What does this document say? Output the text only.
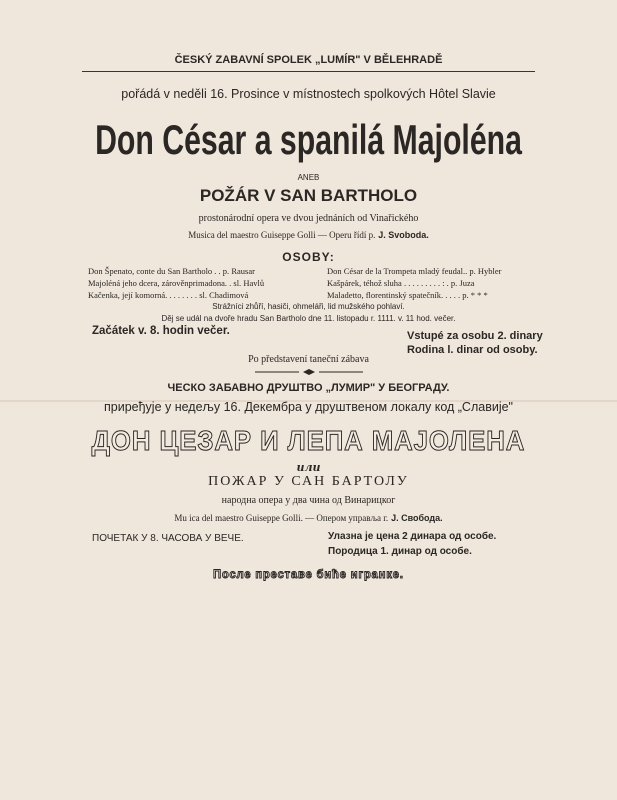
ČESKÝ ZABAVNÍ SPOLEK „LUMÍR" V BĚLEHRADĚ
pořádá v neděli 16. Prosince v místnostech spolkových Hôtel Slavie
Don César a spanilá Majoléna
ANEB
POŽÁR V SAN BARTHOLO
prostonárodní opera ve dvou jednáních od Vinařického
Musica del maestro Guiseppe Golli — Operu řídí p. J. Svoboda.
OSOBY:
Don Špenato, conte du San Bartholo . . p. Rausar
Majoléná jeho dcera, zárověnprimadona. . sl. Havlů
Kačenka, její komorná. . . . . . . . sl. Chadimová
Don César de la Trompeta mladý feudal.. p. Hybler
Kašpárek, téhož sluha . . . . . . . . . : . p. Juza
Maladetto, florentinský spatečník. . . . . p. * * *
Strážníci zhůří, hasiči, ohmeláři, lid mužského pohlaví.
Děj se udál na dvoře hradu San Bartholo dne 11. listopadu r. 1111. v. 11 hod. večer.
Začátek v. 8. hodin večer.	Vstupé za osobu 2. dinary
Rodina l. dinar od osoby.
Po představení taneční zábava
ЧЕСКО ЗАБАВНО ДРУШТВО „ЛУМИР" У БЕОГРАДУ.
приређује у недељу 16. Декембра у друштвеном локалу код „Славије"
ДОН ЦЕЗАР И ЛЕПА МАЈОЛЕНА
или
ПОЖАР У САН БАРТОЛУ
народна опера у два чина од Винарицког
Mu ica del maestro Guiseppe Golli. — Опером управља г. J. Свобода.
ПОЧЕТАК У 8. ЧАСОВА У ВЕЧЕ.	Улазна је цена 2 динара од особе.
Породица 1. динар од особе.
После преставе биће игранке.
